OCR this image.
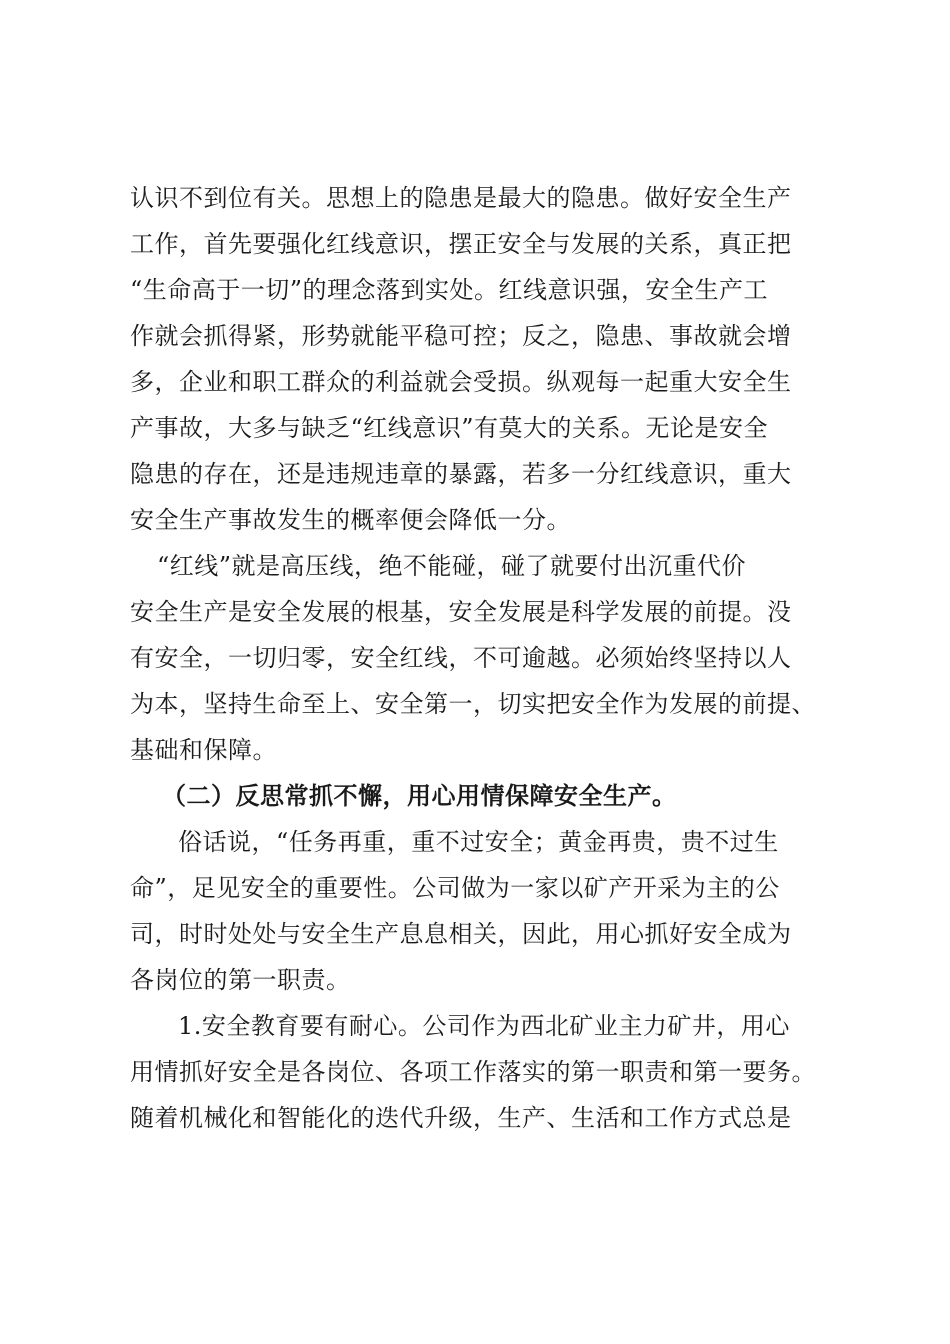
认识不到位有关。思想上的隐患是最大的隐患。做好安全生产
工作，首先要强化红线意识，摆正安全与发展的关系，真正把
“生命高于一切”的理念落到实处。红线意识强，安全生产工
作就会抓得紧，形势就能平稳可控；反之，隐患、事故就会增
多，企业和职工群众的利益就会受损。纵观每一起重大安全生
产事故，大多与缺乏“红线意识”有莫大的关系。无论是安全
隐患的存在，还是违规违章的暴露，若多一分红线意识，重大
安全生产事故发生的概率便会降低一分。
“红线”就是高压线，绝不能碰，碰了就要付出沉重代价
安全生产是安全发展的根基，安全发展是科学发展的前提。没
有安全，一切归零，安全红线，不可逾越。必须始终坚持以人
为本，坚持生命至上、安全第一，切实把安全作为发展的前提、
基础和保障。
（二）反思常抓不懈，用心用情保障安全生产。
俗话说，“任务再重，重不过安全；黄金再贵，贵不过生
命”，足见安全的重要性。公司做为一家以矿产开采为主的公
司，时时处处与安全生产息息相关，因此，用心抓好安全成为
各岗位的第一职责。
1.安全教育要有耐心。公司作为西北矿业主力矿井，用心
用情抓好安全是各岗位、各项工作落实的第一职责和第一要务。
随着机械化和智能化的迭代升级，生产、生活和工作方式总是
